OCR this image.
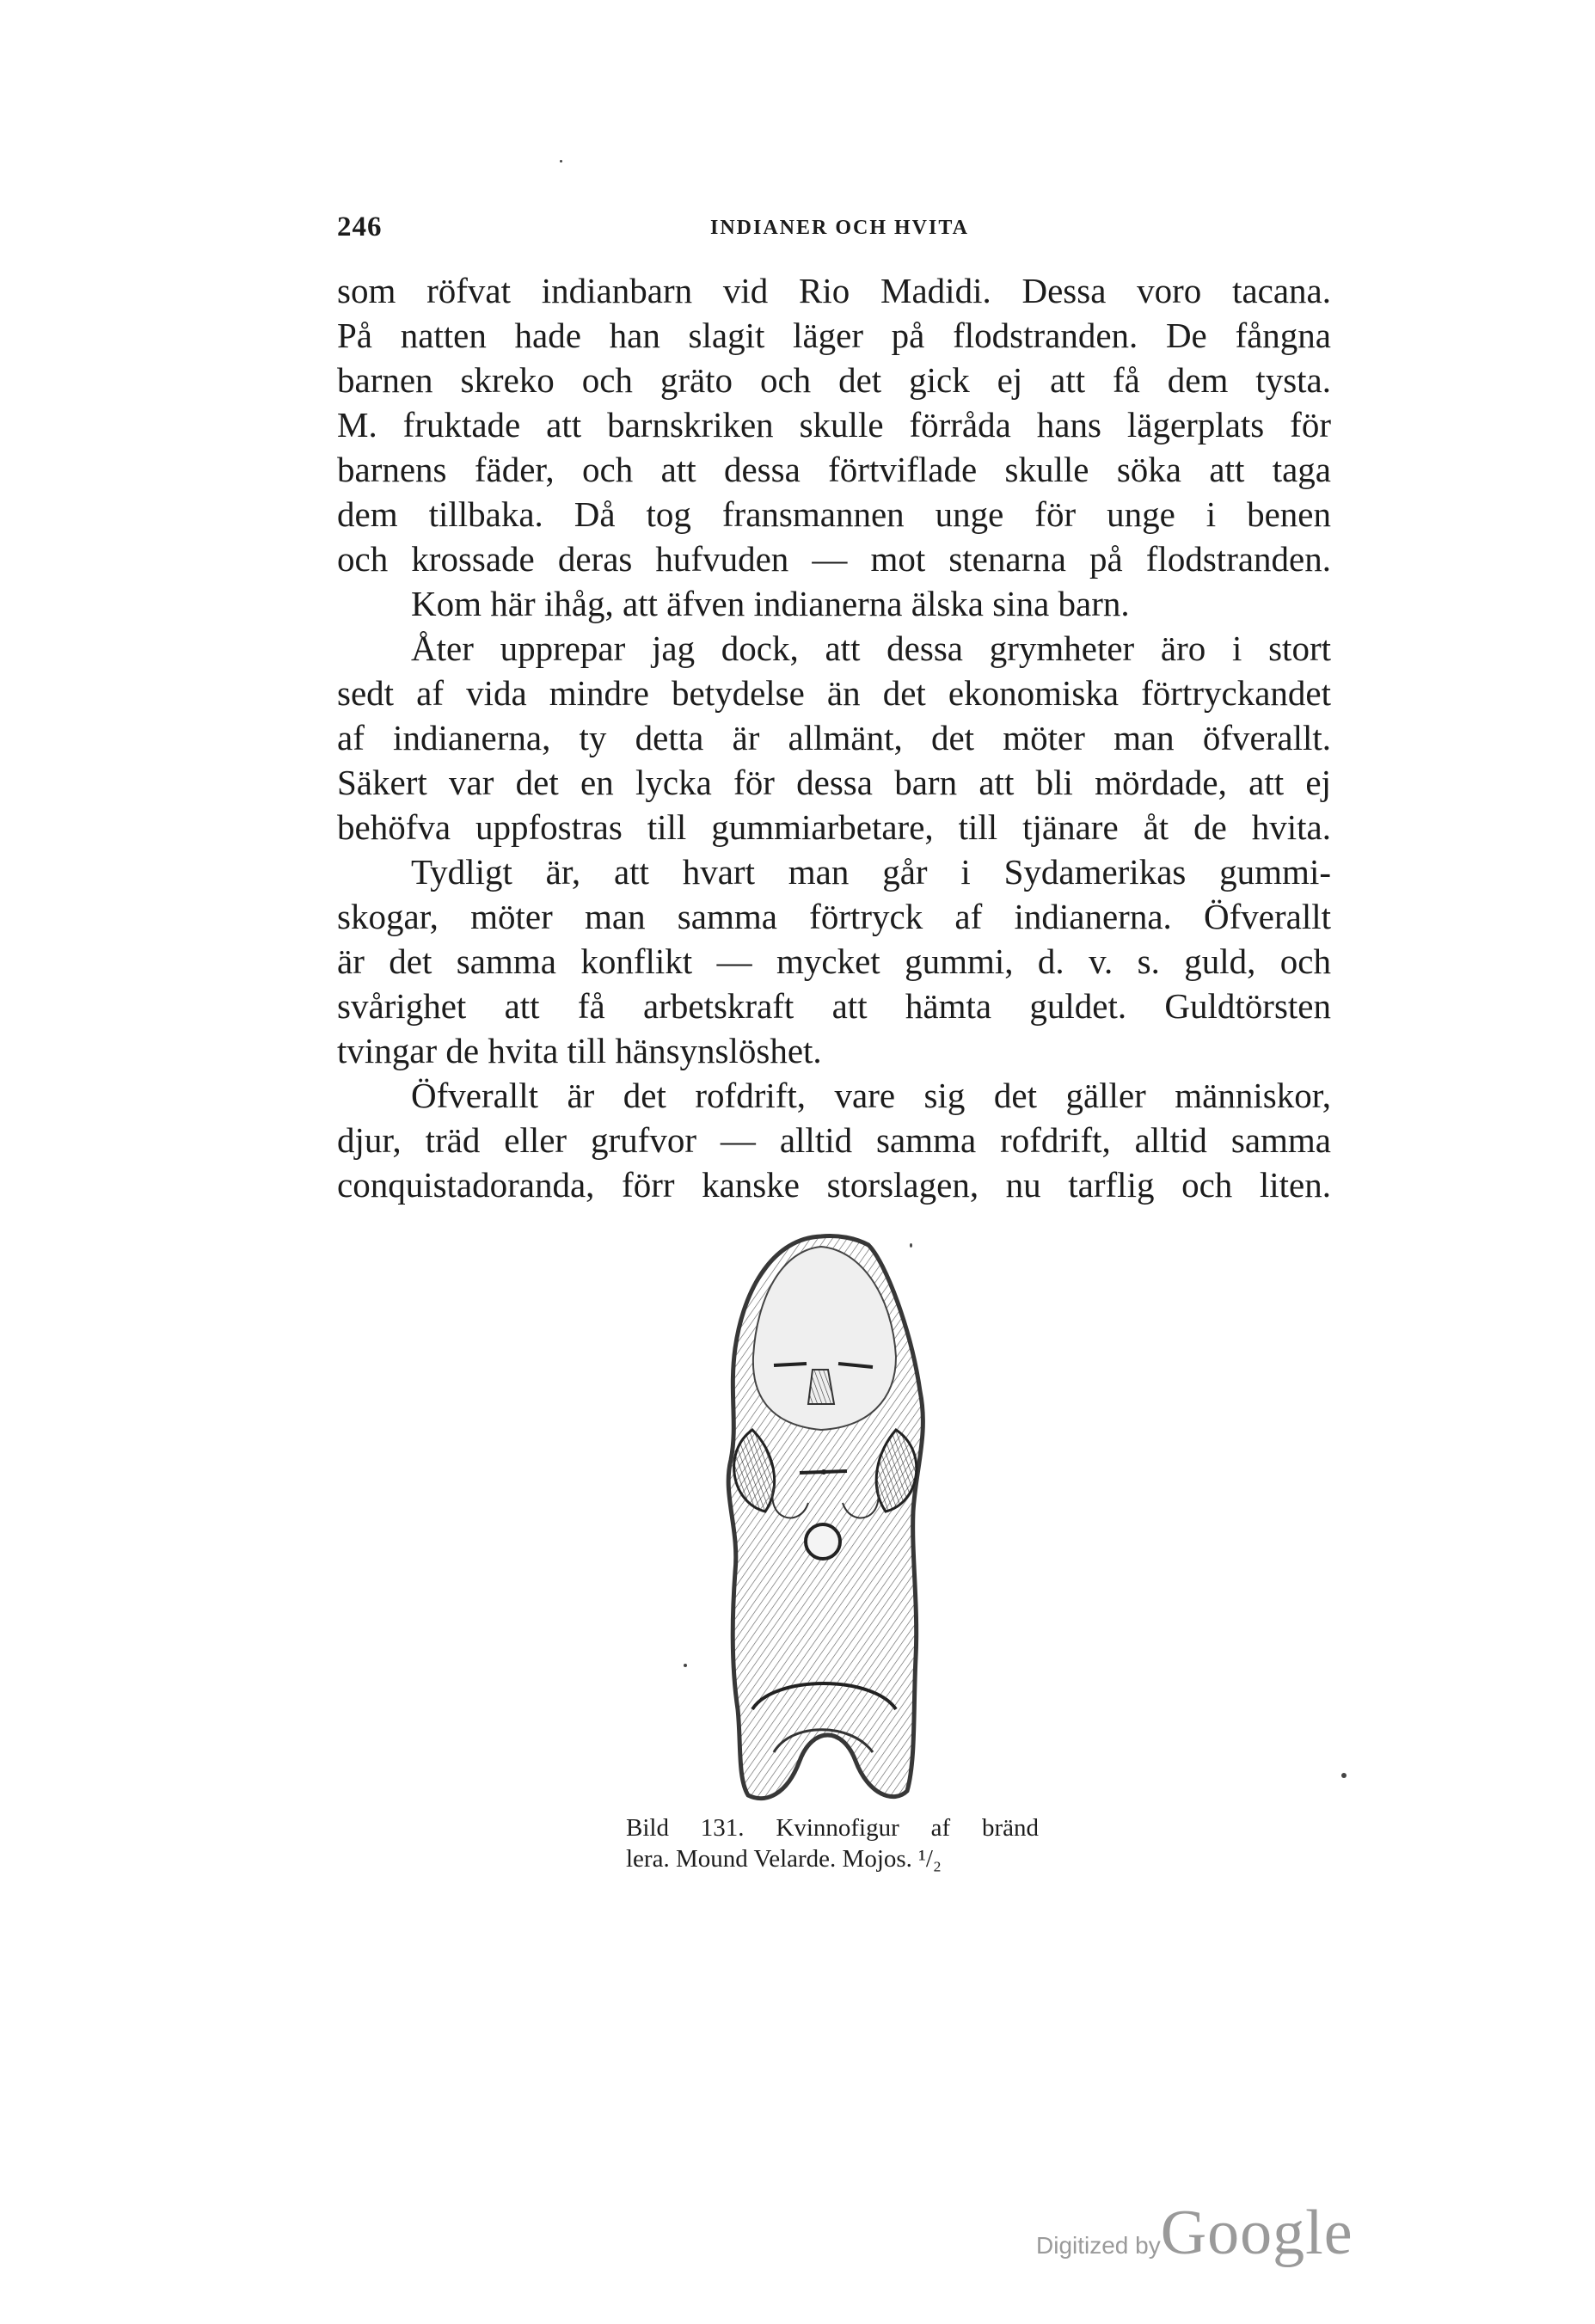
246	INDIANER OCH HVITA
som röfvat indianbarn vid Rio Madidi. Dessa voro tacana.
På natten hade han slagit läger på flodstranden. De fångna
barnen skreko och gräto och det gick ej att få dem tysta.
M. fruktade att barnskriken skulle förråda hans lägerplats för
barnens fäder, och att dessa förtviflade skulle söka att taga
dem tillbaka. Då tog fransmannen unge för unge i benen
och krossade deras hufvuden — mot stenarna på flodstranden.
Kom här ihåg, att äfven indianerna älska sina barn.
Åter upprepar jag dock, att dessa grymheter äro i stort
sedt af vida mindre betydelse än det ekonomiska förtryckandet
af indianerna, ty detta är allmänt, det möter man öfverallt.
Säkert var det en lycka för dessa barn att bli mördade, att ej
behöfva uppfostras till gummiarbetare, till tjänare åt de hvita.
Tydligt är, att hvart man går i Sydamerikas gummi-
skogar, möter man samma förtryck af indianerna. Öfverallt
är det samma konflikt — mycket gummi, d. v. s. guld, och
svårighet att få arbetskraft att hämta guldet. Guldtörsten
tvingar de hvita till hänsynslöshet.
Öfverallt är det rofdrift, vare sig det gäller människor,
djur, träd eller grufvor — alltid samma rofdrift, alltid samma
conquistadoranda, förr kanske storslagen, nu tarflig och liten.
Bild 131. Kvinnofigur af bränd
lera. Mound Velarde. Mojos. ¹/₂
Digitized byGoogle
